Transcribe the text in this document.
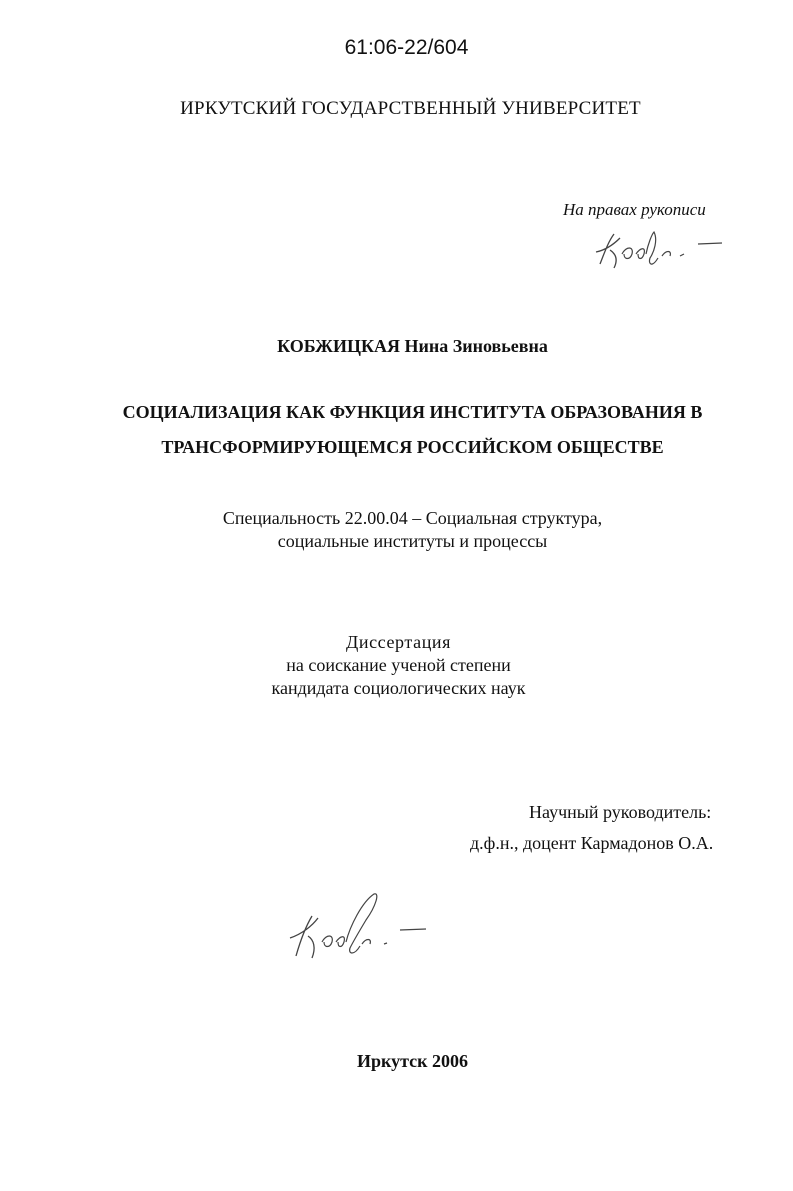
61:06-22/604
ИРКУТСКИЙ ГОСУДАРСТВЕННЫЙ УНИВЕРСИТЕТ
На правах рукописи
КОБЖИЦКАЯ Нина Зиновьевна
СОЦИАЛИЗАЦИЯ КАК ФУНКЦИЯ ИНСТИТУТА ОБРАЗОВАНИЯ В
ТРАНСФОРМИРУЮЩЕМСЯ РОССИЙСКОМ ОБЩЕСТВЕ
Специальность 22.00.04 – Социальная структура,
социальные институты и процессы
Диссертация
на соискание ученой степени
кандидата социологических наук
Научный руководитель:
д.ф.н., доцент Кармадонов О.А.
Иркутск 2006
